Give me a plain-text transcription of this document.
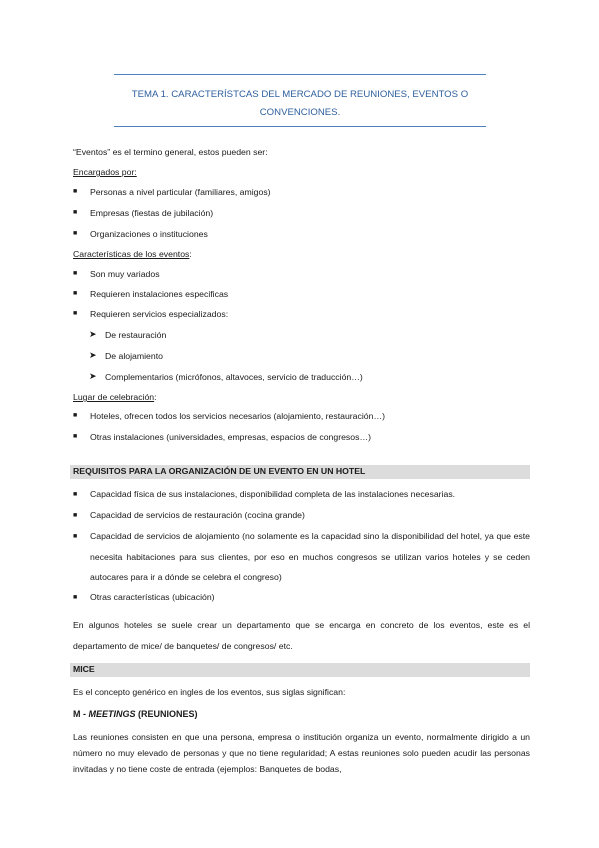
TEMA 1. CARACTERÍSTCAS DEL MERCADO DE REUNIONES, EVENTOS O
CONVENCIONES.
“Eventos” es el termino general, estos pueden ser:
Encargados por:
■ Personas a nivel particular (familiares, amigos)
■ Empresas (fiestas de jubilación)
■ Organizaciones o instituciones
Características de los eventos:
■ Son muy variados
■ Requieren instalaciones especificas
■ Requieren servicios especializados:
➤ De restauración
➤ De alojamiento
➤ Complementarios (micrófonos, altavoces, servicio de traducción…)
Lugar de celebración:
■ Hoteles, ofrecen todos los servicios necesarios (alojamiento, restauración…)
■ Otras instalaciones (universidades, empresas, espacios de congresos…)
REQUISITOS PARA LA ORGANIZACIÓN DE UN EVENTO EN UN HOTEL
■ Capacidad física de sus instalaciones, disponibilidad completa de las instalaciones necesarias.
■ Capacidad de servicios de restauración (cocina grande)
■ Capacidad de servicios de alojamiento (no solamente es la capacidad sino la disponibilidad del hotel, ya que este necesita habitaciones para sus clientes, por eso en muchos congresos se utilizan varios hoteles y se ceden autocares para ir a dónde se celebra el congreso)
■ Otras características (ubicación)
En algunos hoteles se suele crear un departamento que se encarga en concreto de los eventos, este es el departamento de mice/ de banquetes/ de congresos/ etc.
MICE
Es el concepto genérico en ingles de los eventos, sus siglas significan:
M - MEETINGS (REUNIONES)
Las reuniones consisten en que una persona, empresa o institución organiza un evento, normalmente dirigido a un número no muy elevado de personas y que no tiene regularidad; A estas reuniones solo pueden acudir las personas invitadas y no tiene coste de entrada (ejemplos: Banquetes de bodas,
